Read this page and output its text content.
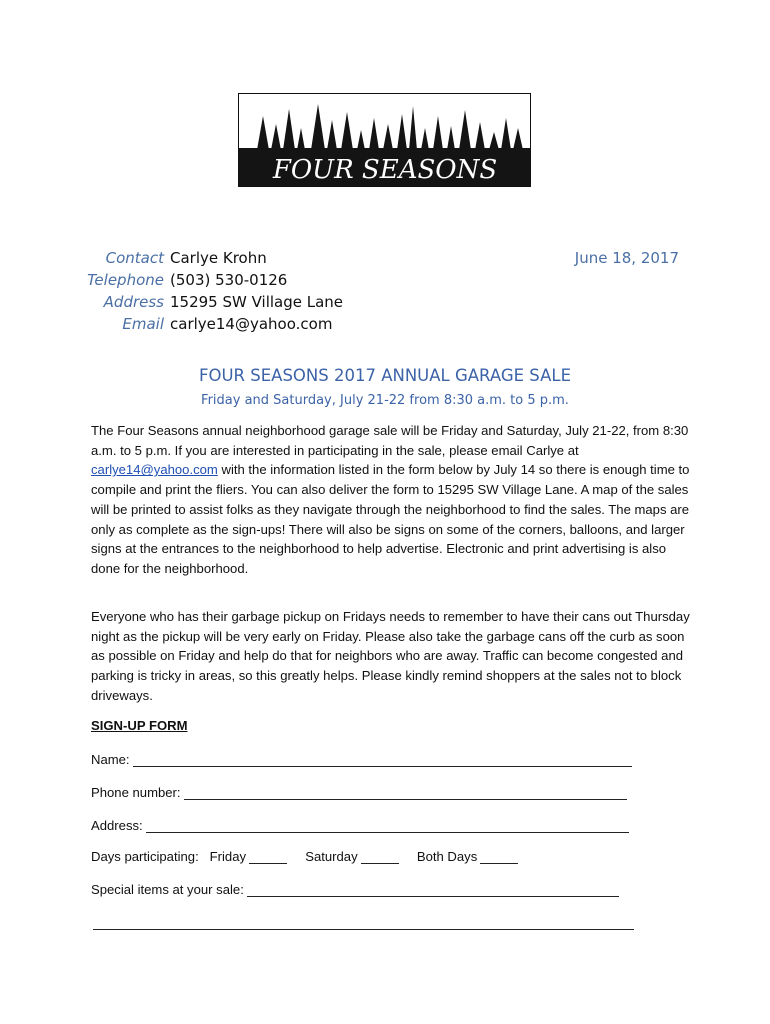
FOUR SEASONS
Contact Carlye Krohn
Telephone (503) 530-0126
Address 15295 SW Village Lane
Email carlye14@yahoo.com
June 18, 2017
FOUR SEASONS 2017 ANNUAL GARAGE SALE
Friday and Saturday, July 21-22 from 8:30 a.m. to 5 p.m.

The Four Seasons annual neighborhood garage sale will be Friday and Saturday, July 21-22, from 8:30 a.m. to 5 p.m. If you are interested in participating in the sale, please email Carlye at carlye14@yahoo.com with the information listed in the form below by July 14 so there is enough time to compile and print the fliers. You can also deliver the form to 15295 SW Village Lane. A map of the sales will be printed to assist folks as they navigate through the neighborhood to find the sales. The maps are only as complete as the sign-ups! There will also be signs on some of the corners, balloons, and larger signs at the entrances to the neighborhood to help advertise. Electronic and print advertising is also done for the neighborhood.

Everyone who has their garbage pickup on Fridays needs to remember to have their cans out Thursday night as the pickup will be very early on Friday. Please also take the garbage cans off the curb as soon as possible on Friday and help do that for neighbors who are away. Traffic can become congested and parking is tricky in areas, so this greatly helps. Please kindly remind shoppers at the sales not to block driveways.

SIGN-UP FORM
Name:
Phone number:
Address:
Days participating: Friday	Saturday	Both Days
Special items at your sale:
